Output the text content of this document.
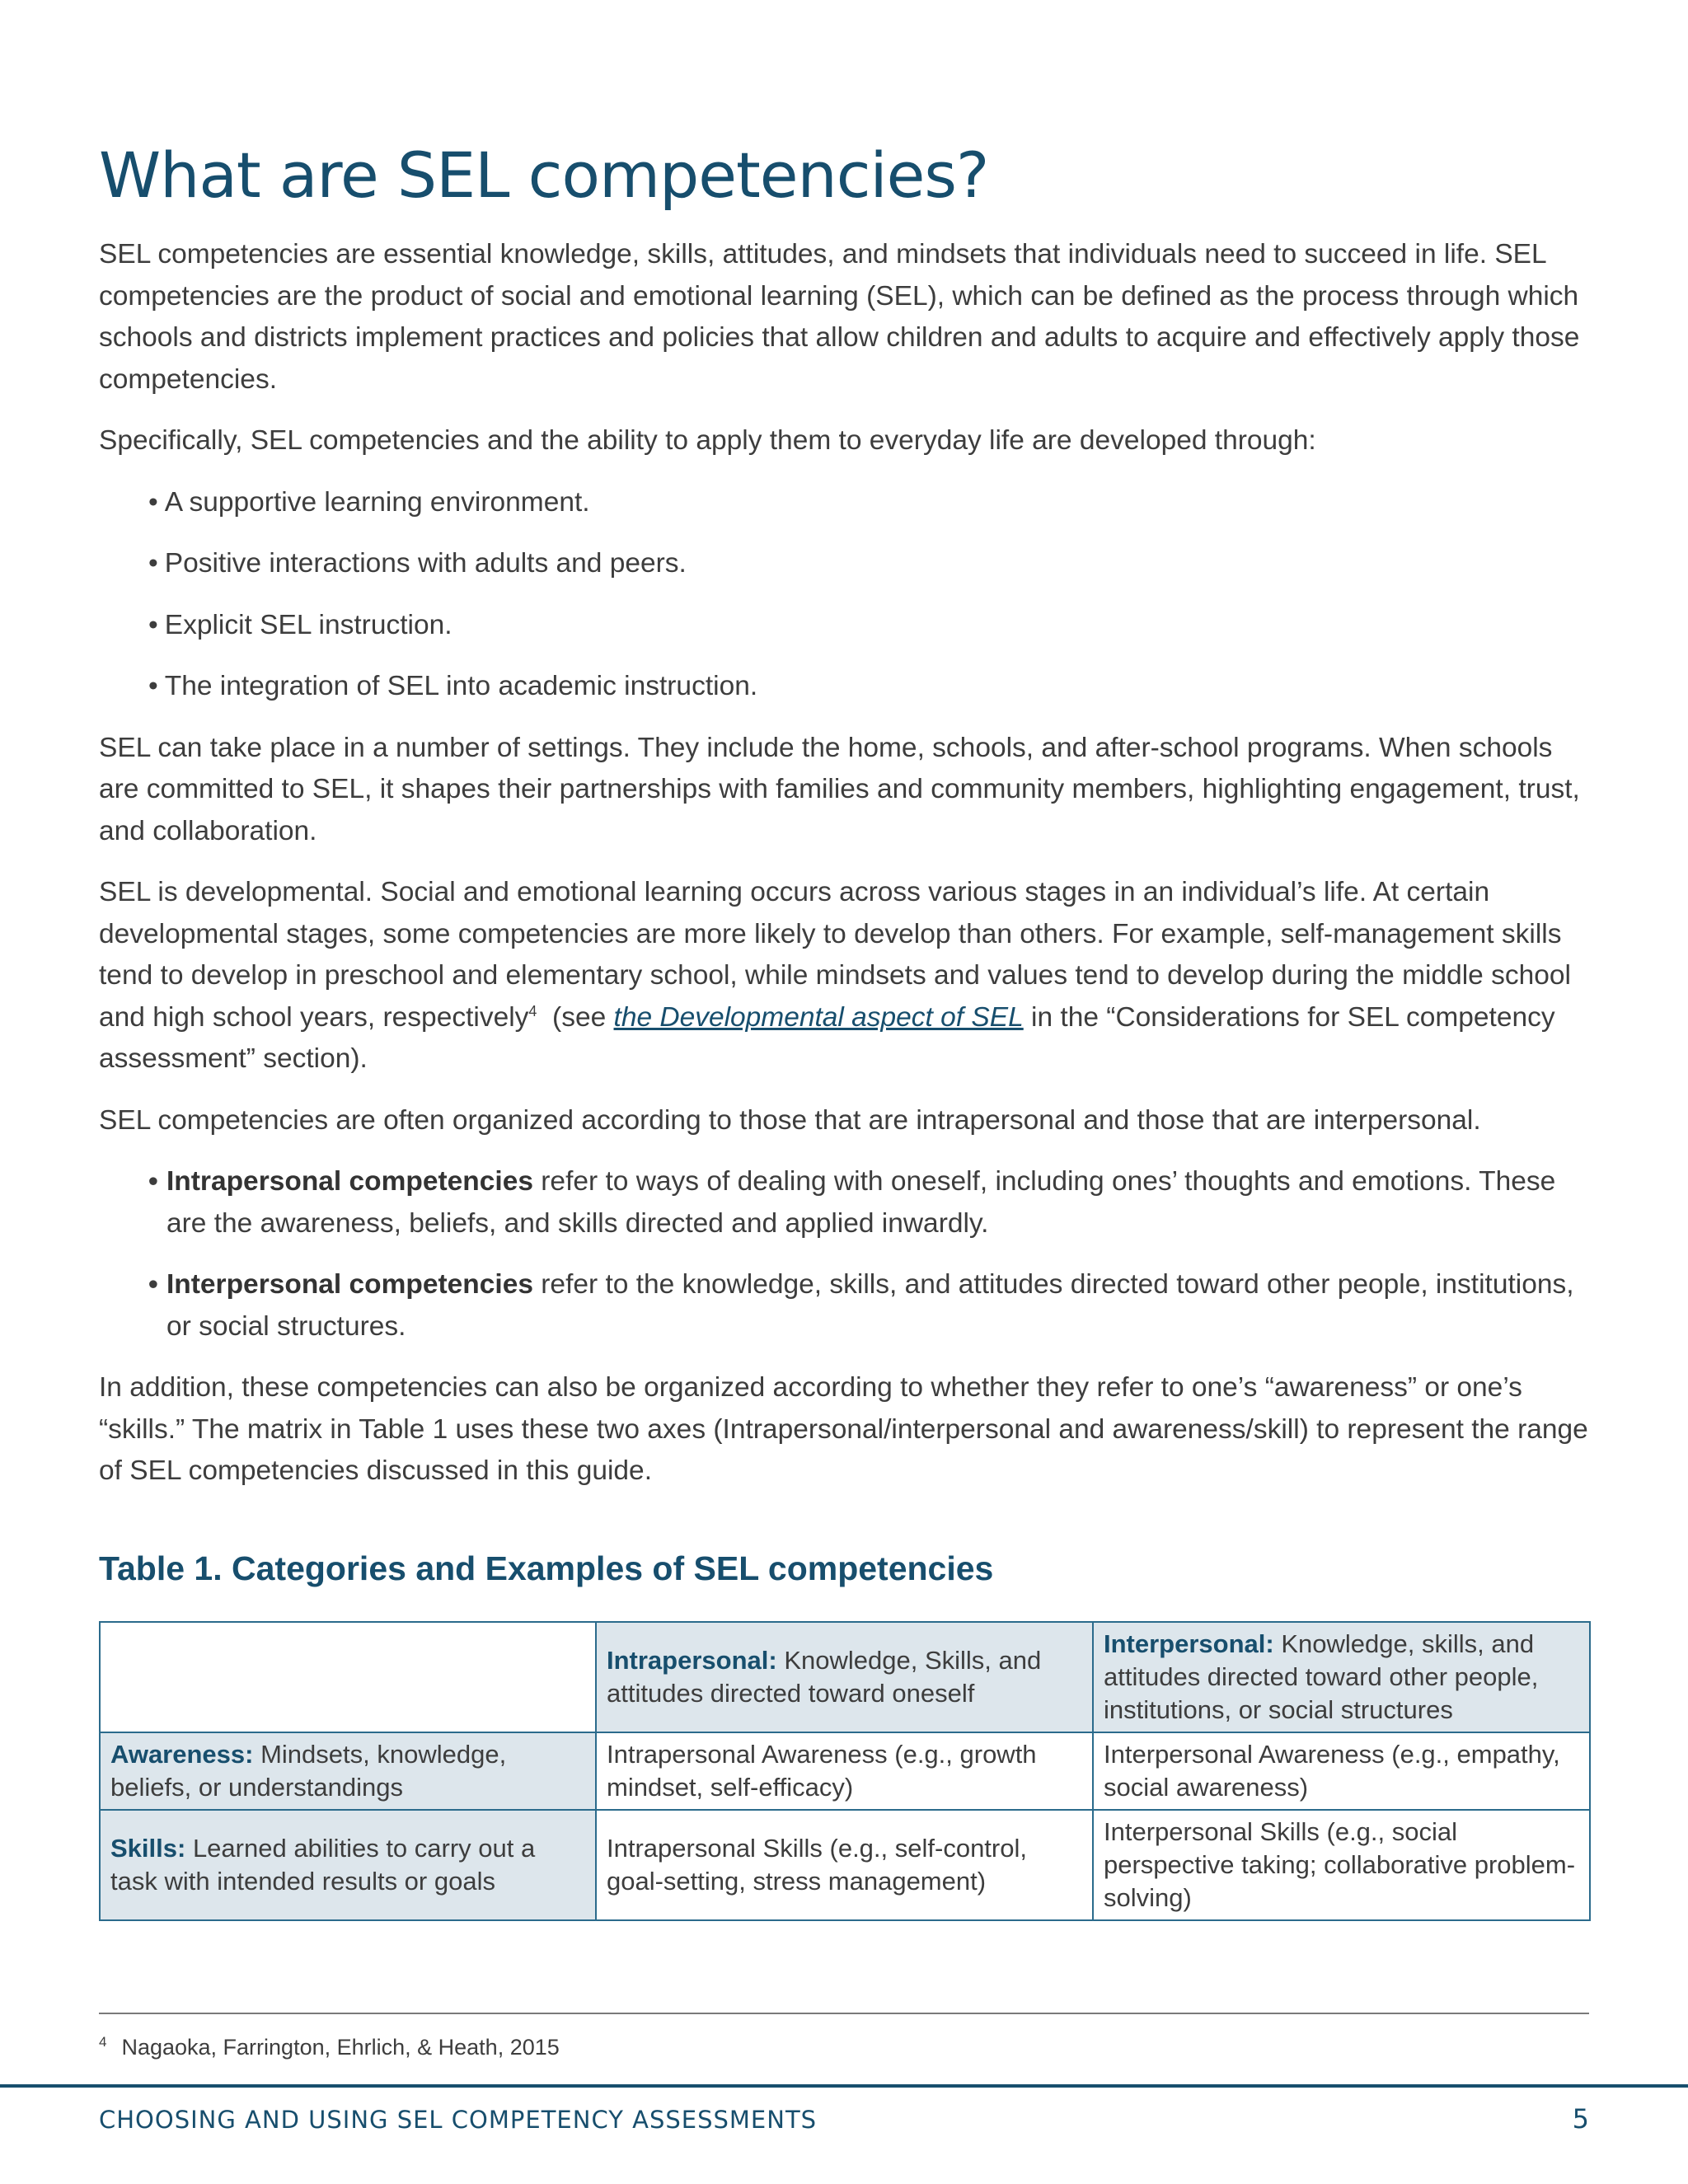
What are SEL competencies?

SEL competencies are essential knowledge, skills, attitudes, and mindsets that individuals need to succeed in life. SEL competencies are the product of social and emotional learning (SEL), which can be defined as the process through which schools and districts implement practices and policies that allow children and adults to acquire and effectively apply those competencies.

Specifically, SEL competencies and the ability to apply them to everyday life are developed through:

• A supportive learning environment.
• Positive interactions with adults and peers.
• Explicit SEL instruction.
• The integration of SEL into academic instruction.

SEL can take place in a number of settings. They include the home, schools, and after-school programs. When schools are committed to SEL, it shapes their partnerships with families and community members, highlighting engagement, trust, and collaboration.

SEL is developmental. Social and emotional learning occurs across various stages in an individual’s life. At certain developmental stages, some competencies are more likely to develop than others. For example, self-management skills tend to develop in preschool and elementary school, while mindsets and values tend to develop during the middle school and high school years, respectively$^4$  (see the Developmental aspect of SEL in the “Considerations for SEL competency assessment” section).

SEL competencies are often organized according to those that are intrapersonal and those that are interpersonal.

• Intrapersonal competencies refer to ways of dealing with oneself, including ones’ thoughts and emotions. These are the awareness, beliefs, and skills directed and applied inwardly.
• Interpersonal competencies refer to the knowledge, skills, and attitudes directed toward other people, institutions, or social structures.

In addition, these competencies can also be organized according to whether they refer to one’s “awareness” or one’s “skills.” The matrix in Table 1 uses these two axes (Intrapersonal/interpersonal and awareness/skill) to represent the range of SEL competencies discussed in this guide.

Table 1. Categories and Examples of SEL competencies
	Intrapersonal: Knowledge, Skills, and attitudes directed toward oneself	Interpersonal: Knowledge, skills, and attitudes directed toward other people, institutions, or social structures
Awareness: Mindsets, knowledge, beliefs, or understandings	Intrapersonal Awareness (e.g., growth mindset, self-efficacy)	Interpersonal Awareness (e.g., empathy, social awareness)
Skills: Learned abilities to carry out a task with intended results or goals	Intrapersonal Skills (e.g., self-control, goal-setting, stress management)	Interpersonal Skills (e.g., social perspective taking; collaborative problem-solving)
$^4$ Nagaoka, Farrington, Ehrlich, & Heath, 2015
CHOOSING AND USING SEL COMPETENCY ASSESSMENTS	5
